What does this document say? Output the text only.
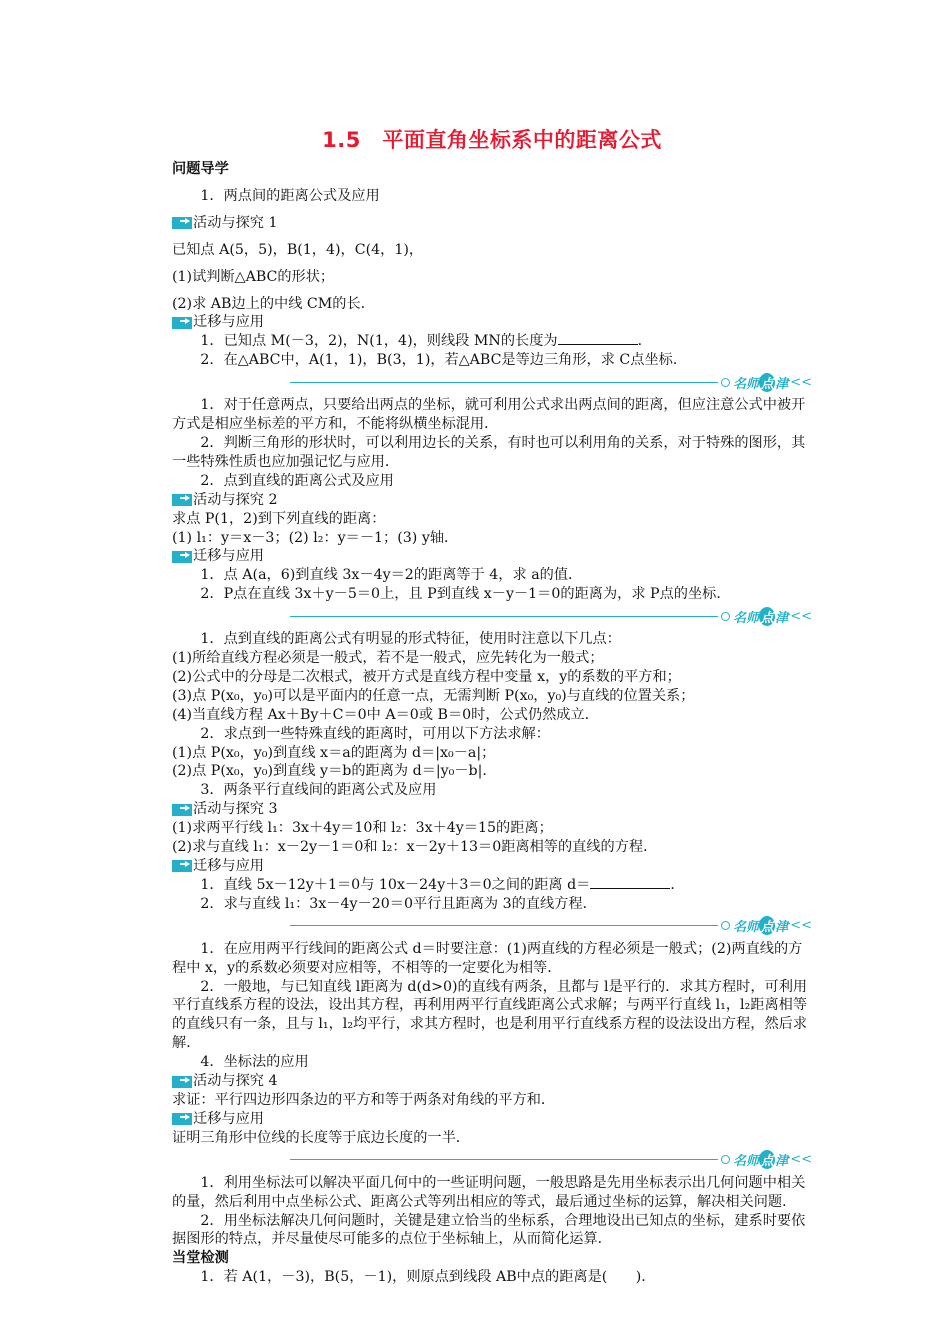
1.5　平面直角坐标系中的距离公式
问题导学
1．两点间的距离公式及应用
活动与探究 1
已知点 A(5，5)，B(1，4)，C(4，1)，
(1)试判断△ABC的形状；
(2)求 AB边上的中线 CM的长．
迁移与应用
1．已知点 M(－3，2)，N(1，4)，则线段 MN的长度为	．
2．在△ABC中，A(1，1)，B(3，1)，若△ABC是等边三角形，求 C点坐标．
名师点 津 <<
1．对于任意两点，只要给出两点的坐标，就可利用公式求出两点间的距离，但应注意公式中被开方式是相应坐标差的平方和，不能将纵横坐标混用．
2．判断三角形的形状时，可以利用边长的关系，有时也可以利用角的关系，对于特殊的图形，其一些特殊性质也应加强记忆与应用．
2．点到直线的距离公式及应用
活动与探究 2
求点 P(1，2)到下列直线的距离：
(1) l₁：y＝x－3；(2) l₂：y＝－1；(3) y轴．
迁移与应用
1．点 A(a，6)到直线 3x－4y＝2的距离等于 4，求 a的值．
2．P点在直线 3x＋y－5＝0上，且 P到直线 x－y－1＝0的距离为，求 P点的坐标．
名师点 津 <<
1．点到直线的距离公式有明显的形式特征，使用时注意以下几点：
(1)所给直线方程必须是一般式，若不是一般式，应先转化为一般式；
(2)公式中的分母是二次根式，被开方式是直线方程中变量 x，y的系数的平方和；
(3)点 P(x₀，y₀)可以是平面内的任意一点，无需判断 P(x₀，y₀)与直线的位置关系；
(4)当直线方程 Ax＋By＋C＝0中 A＝0或 B＝0时，公式仍然成立．
2．求点到一些特殊直线的距离时，可用以下方法求解：
(1)点 P(x₀，y₀)到直线 x＝a的距离为 d＝|x₀－a|；
(2)点 P(x₀，y₀)到直线 y＝b的距离为 d＝|y₀－b|．
3．两条平行直线间的距离公式及应用
活动与探究 3
(1)求两平行线 l₁：3x＋4y＝10和 l₂：3x＋4y＝15的距离；
(2)求与直线 l₁：x－2y－1＝0和 l₂：x－2y＋13＝0距离相等的直线的方程．
迁移与应用
1．直线 5x－12y＋1＝0与 10x－24y＋3＝0之间的距离 d＝	．
2．求与直线 l₁：3x－4y－20＝0平行且距离为 3的直线方程．
名师点 津 <<
1．在应用两平行线间的距离公式 d＝时要注意：(1)两直线的方程必须是一般式；(2)两直线的方程中 x，y的系数必须要对应相等，不相等的一定要化为相等．
2．一般地，与已知直线 l距离为 d(d>0)的直线有两条，且都与 l是平行的．求其方程时，可利用平行直线系方程的设法，设出其方程，再利用两平行直线距离公式求解；与两平行直线 l₁，l₂距离相等的直线只有一条，且与 l₁，l₂均平行，求其方程时，也是利用平行直线系方程的设法设出方程，然后求解．
4．坐标法的应用
活动与探究 4
求证：平行四边形四条边的平方和等于两条对角线的平方和．
迁移与应用
证明三角形中位线的长度等于底边长度的一半．
名师点 津 <<
1．利用坐标法可以解决平面几何中的一些证明问题，一般思路是先用坐标表示出几何问题中相关的量，然后利用中点坐标公式、距离公式等列出相应的等式，最后通过坐标的运算，解决相关问题．
2．用坐标法解决几何问题时，关键是建立恰当的坐标系，合理地设出已知点的坐标，建系时要依据图形的特点，并尽量使尽可能多的点位于坐标轴上，从而简化运算．
当堂检测
1．若 A(1，－3)，B(5，－1)，则原点到线段 AB中点的距离是(　　)．
